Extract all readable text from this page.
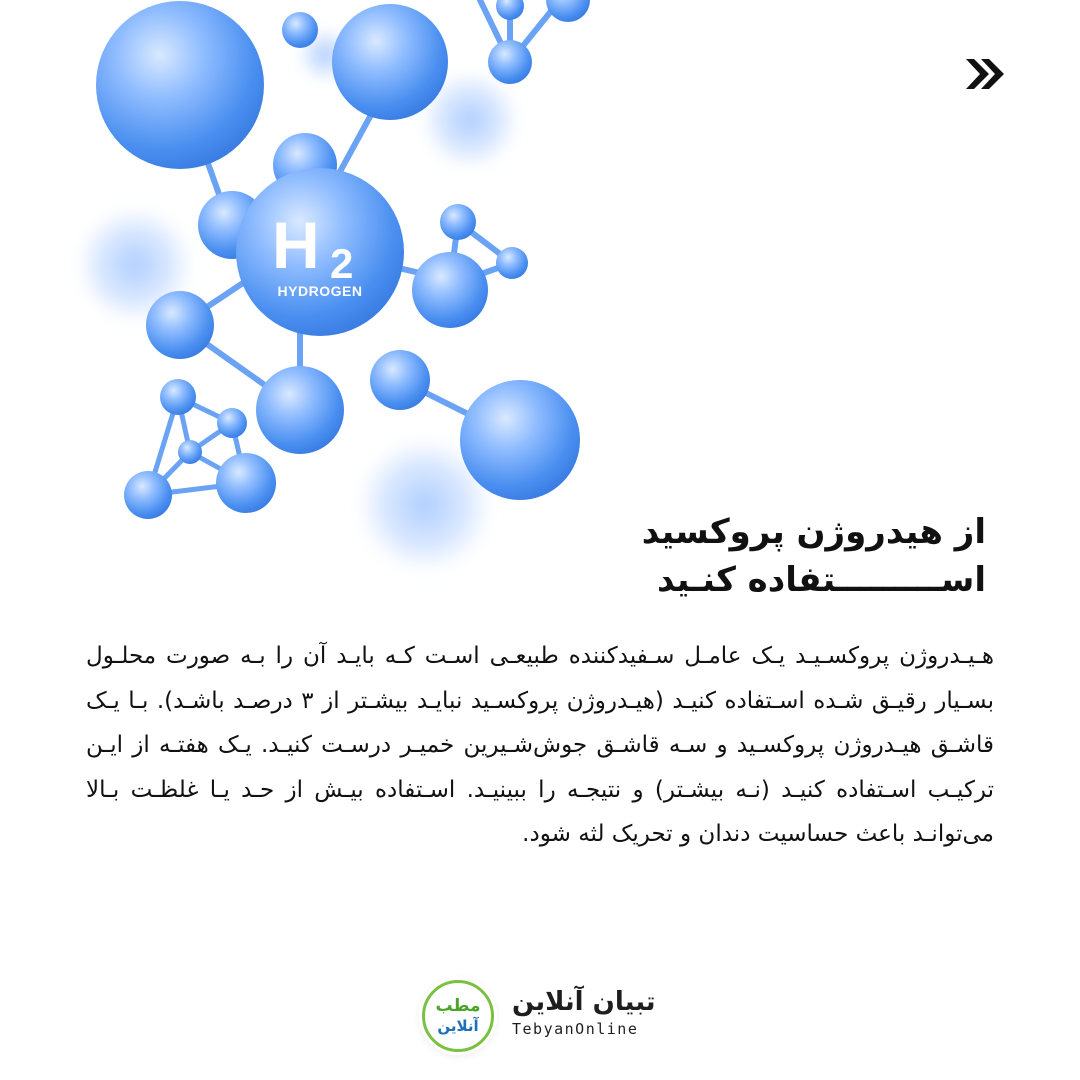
H 2
HYDROGEN
از هیدروژن پروکسید
اســـــــــتفاده کنـید
هـیـدروژن پروکسـیـد یـک عامـل سـفیدکننده طبیعـی اسـت کـه بایـد آن را بـه صورت محلـول بسـیار رقیـق شـده اسـتفاده کنیـد (هیـدروژن پروکسـید نبایـد بیشـتر از ۳ درصـد باشـد). بـا یـک قاشـق هیـدروژن پروکسـید و سـه قاشـق جوش‌شـیرین خمیـر درسـت کنیـد. یـک هفتـه از ایـن ترکیـب اسـتفاده کنیـد (نـه بیشـتر) و نتیجـه را ببینیـد. اسـتفاده بیـش از حـد یـا غلظـت بـالا می‌توانـد باعث حساسیت دندان و تحریک لثه شود.
مطب
آنلاین
تبیان آنلاین
TebyanOnline
